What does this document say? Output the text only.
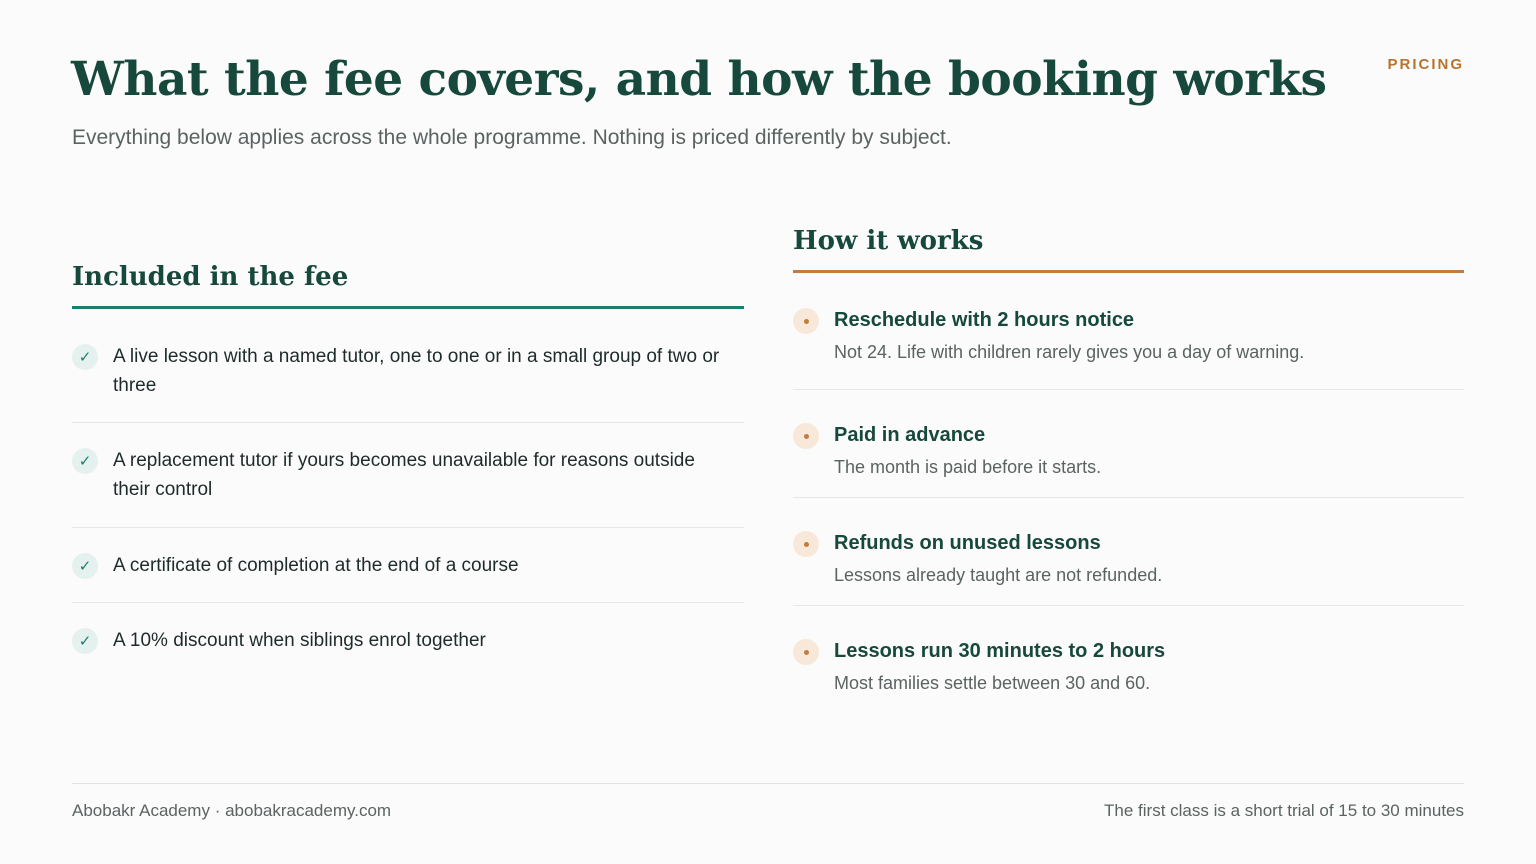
PRICING
What the fee covers, and how the booking works
Everything below applies across the whole programme. Nothing is priced differently by subject.
Included in the fee
✓	A live lesson with a named tutor, one to one or in a small group of two or three
✓	A replacement tutor if yours becomes unavailable for reasons outside their control
✓	A certificate of completion at the end of a course
✓	A 10% discount when siblings enrol together
How it works
Reschedule with 2 hours notice
Not 24. Life with children rarely gives you a day of warning.
Paid in advance
The month is paid before it starts.
Refunds on unused lessons
Lessons already taught are not refunded.
Lessons run 30 minutes to 2 hours
Most families settle between 30 and 60.
Abobakr Academy · abobakracademy.com	The first class is a short trial of 15 to 30 minutes
